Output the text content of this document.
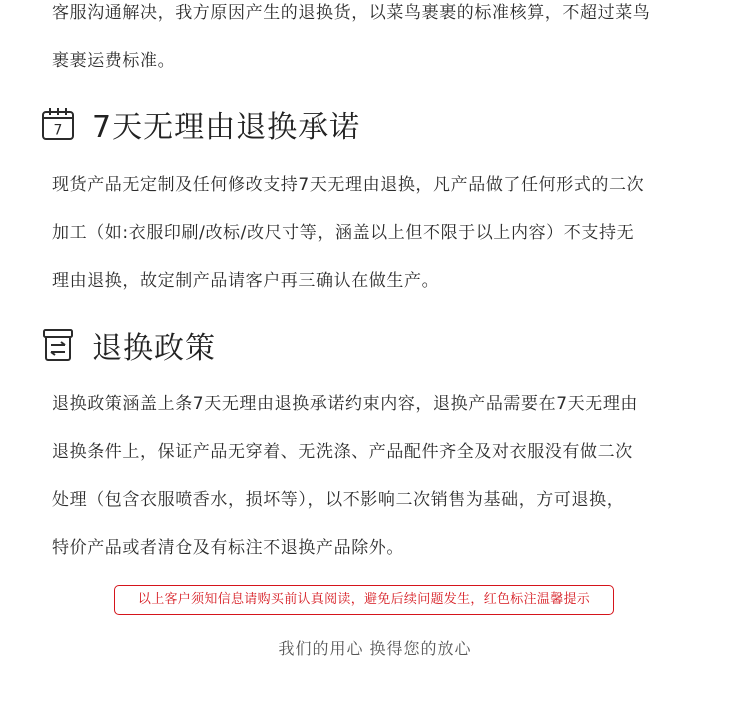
客服沟通解决，我方原因产生的退换货，以菜鸟裹裹的标准核算，不超过菜鸟
裹裹运费标准。
7 7天无理由退换承诺
现货产品无定制及任何修改支持7天无理由退换，凡产品做了任何形式的二次
加工（如:衣服印刷/改标/改尺寸等，涵盖以上但不限于以上内容）不支持无
理由退换，故定制产品请客户再三确认在做生产。
退换政策
退换政策涵盖上条7天无理由退换承诺约束内容，退换产品需要在7天无理由
退换条件上，保证产品无穿着、无洗涤、产品配件齐全及对衣服没有做二次
处理（包含衣服喷香水，损坏等），以不影响二次销售为基础，方可退换，
特价产品或者清仓及有标注不退换产品除外。
以上客户须知信息请购买前认真阅读，避免后续问题发生，红色标注温馨提示
我们的用心 换得您的放心
